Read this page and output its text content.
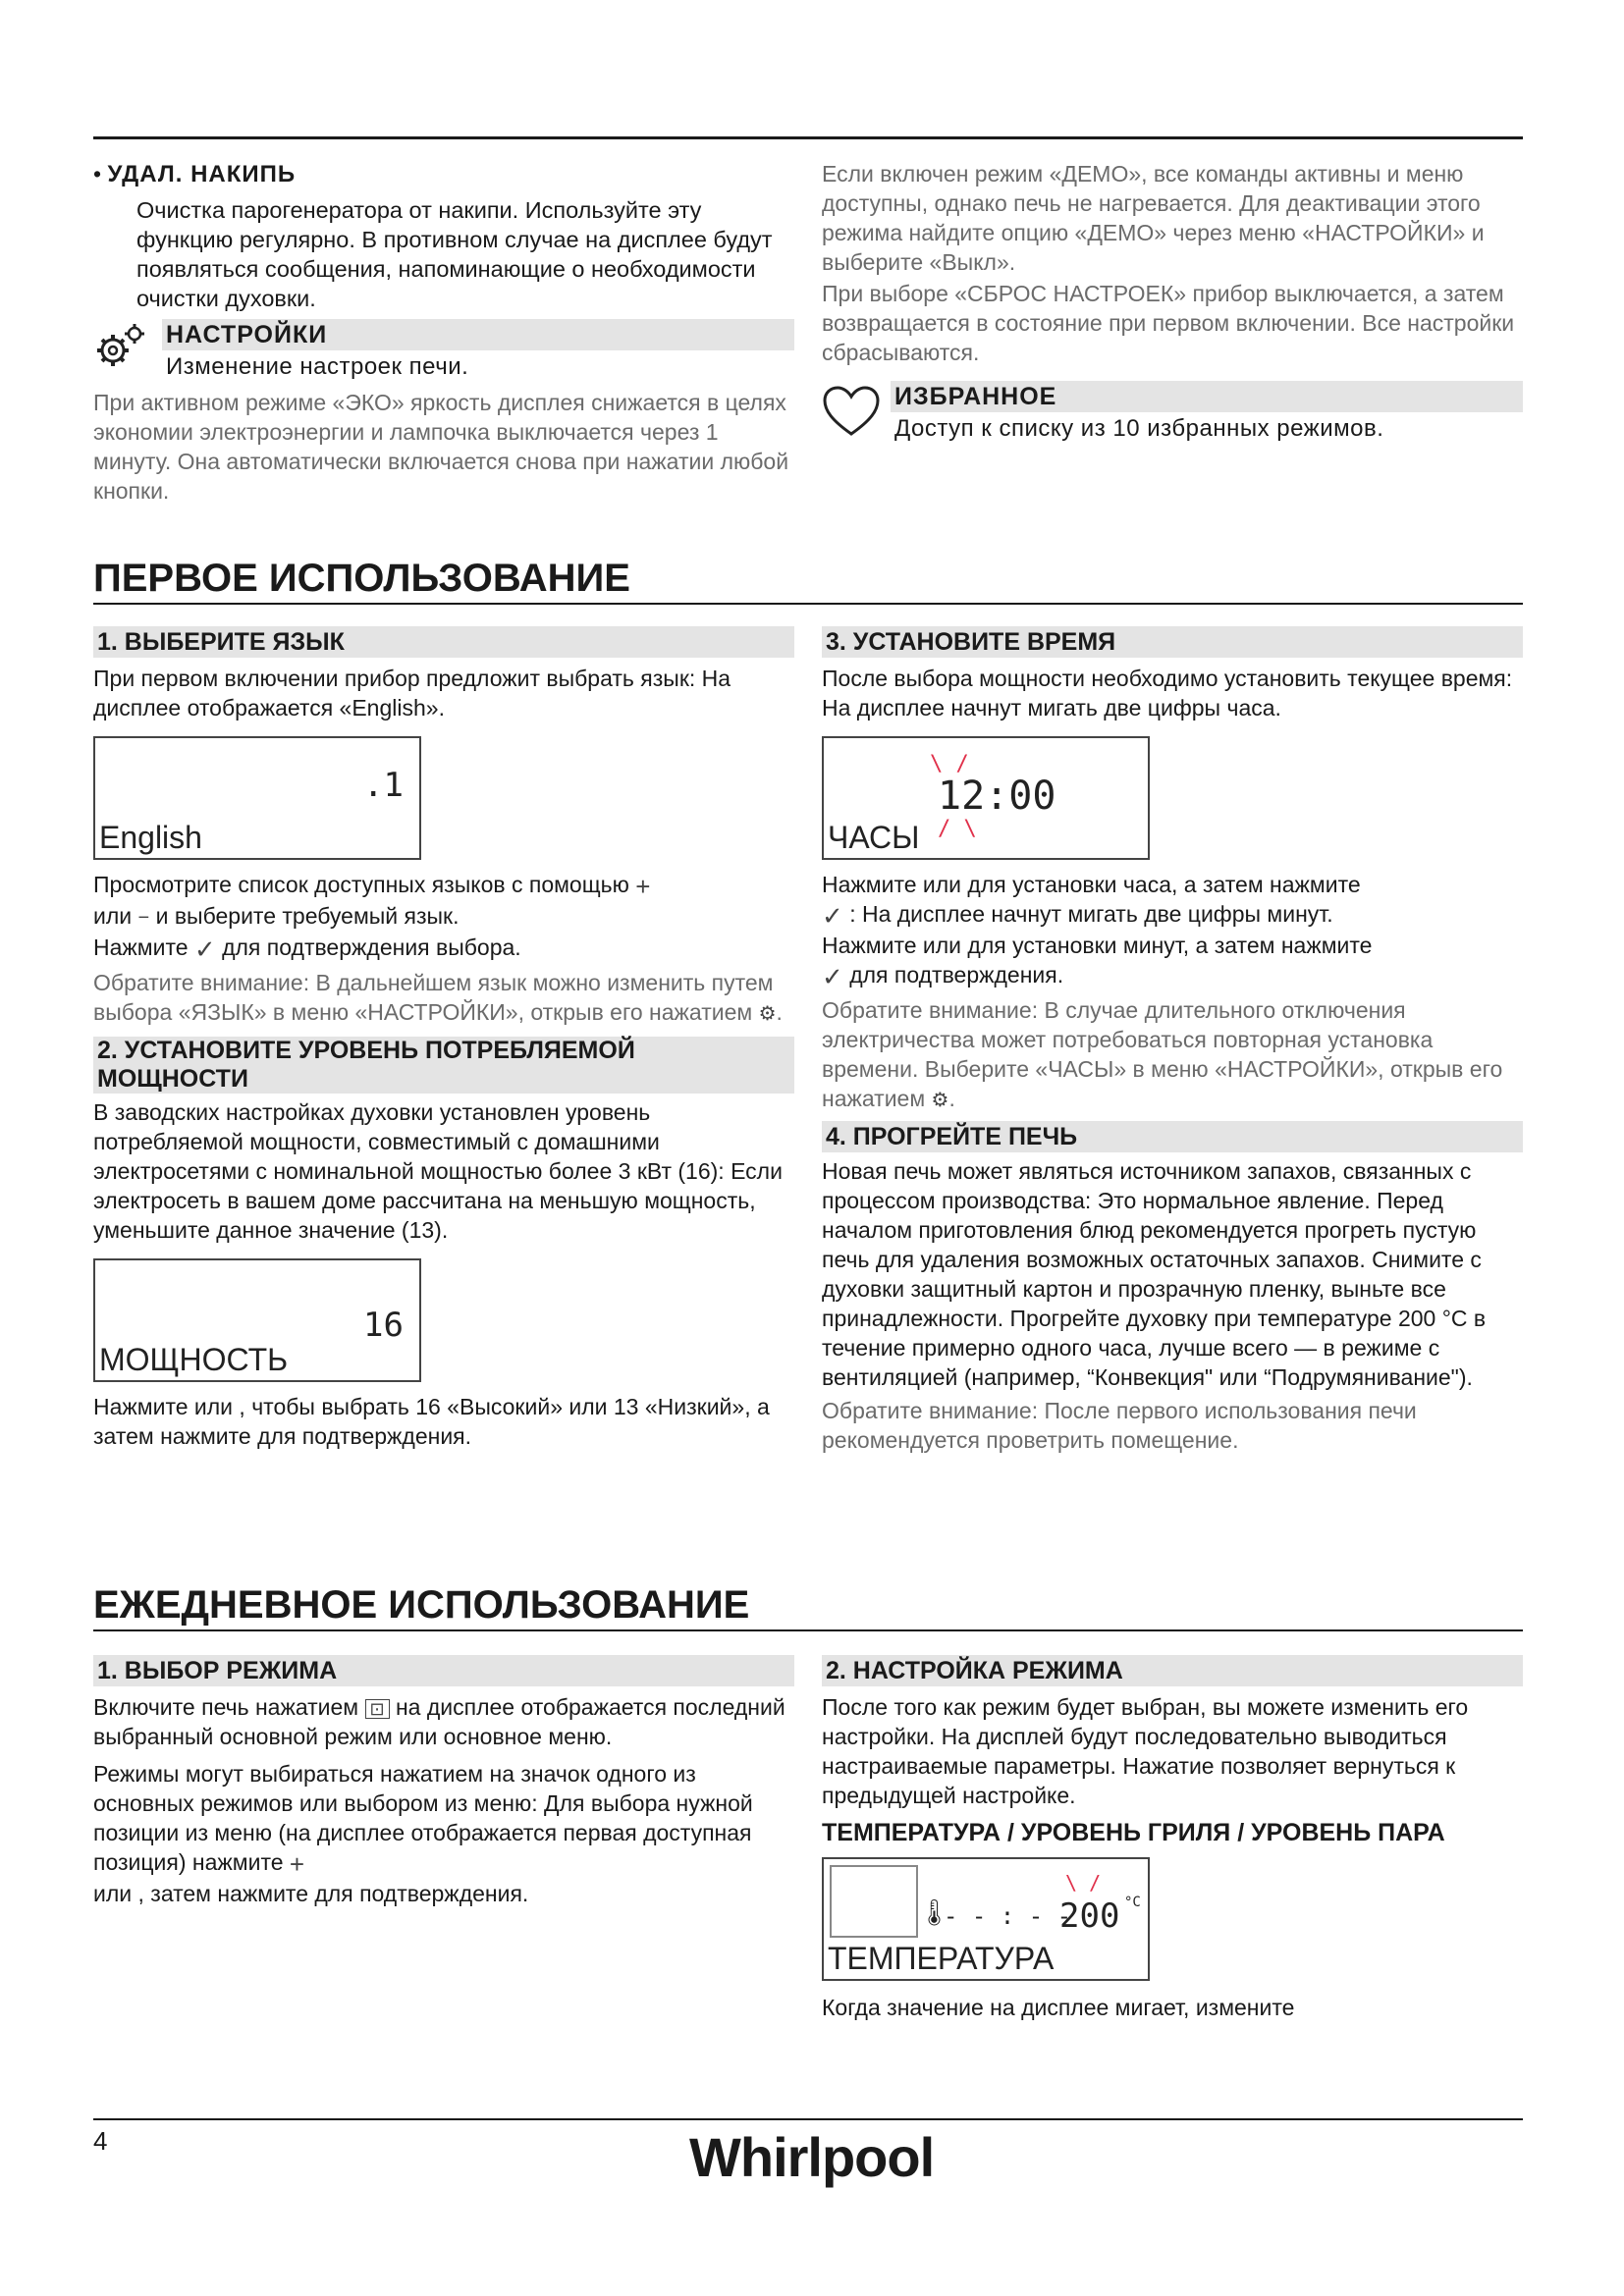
• УДАЛ. НАКИПЬ

Очистка парогенератора от накипи. Используйте эту функцию регулярно. В противном случае на дисплее будут появляться сообщения, напоминающие о необходимости очистки духовки.

НАСТРОЙКИ
Изменение настроек печи.

При активном режиме «ЭКО» яркость дисплея снижается в целях экономии электроэнергии и лампочка выключается через 1 минуту. Она автоматически включается снова при нажатии любой кнопки.

Если включен режим «ДЕМО», все команды активны и меню доступны, однако печь не нагревается. Для деактивации этого режима найдите опцию «ДЕМО» через меню «НАСТРОЙКИ» и выберите «Выкл».

При выборе «СБРОС НАСТРОЕК» прибор выключается, а затем возвращается в состояние при первом включении. Все настройки сбрасываются.

ИЗБРАННОЕ
Доступ к списку из 10 избранных режимов.
ПЕРВОЕ ИСПОЛЬЗОВАНИЕ
1. ВЫБЕРИТЕ ЯЗЫК

При первом включении прибор предложит выбрать язык: На дисплее отображается «English».

.1
English

Просмотрите список доступных языков с помощью +
или − и выберите требуемый язык.

Нажмите ✓ для подтверждения выбора.

Обратите внимание: В дальнейшем язык можно изменить путем выбора «ЯЗЫК» в меню «НАСТРОЙКИ», открыв его нажатием ⚙.

2. УСТАНОВИТЕ УРОВЕНЬ ПОТРЕБЛЯЕМОЙ МОЩНОСТИ

В заводских настройках духовки установлен уровень потребляемой мощности, совместимый с домашними электросетями с номинальной мощностью более 3 кВт (16): Если электросеть в вашем доме рассчитана на меньшую мощность, уменьшите данное значение (13).

16
МОЩНОСТЬ

Нажмите или , чтобы выбрать 16 «Высокий» или 13 «Низкий», а затем нажмите для подтверждения.

3. УСТАНОВИТЕ ВРЕМЯ

После выбора мощности необходимо установить текущее время: На дисплее начнут мигать две цифры часа.

\ /
12:00
/ \
ЧАСЫ

Нажмите или для установки часа, а затем нажмите

✓ : На дисплее начнут мигать две цифры минут.

Нажмите или для установки минут, а затем нажмите

✓ для подтверждения.

Обратите внимание: В случае длительного отключения электричества может потребоваться повторная установка времени. Выберите «ЧАСЫ» в меню «НАСТРОЙКИ», открыв его нажатием ⚙.

4. ПРОГРЕЙТЕ ПЕЧЬ

Новая печь может являться источником запахов, связанных с процессом производства: Это нормальное явление. Перед началом приготовления блюд рекомендуется прогреть пустую печь для удаления возможных остаточных запахов. Снимите с духовки защитный картон и прозрачную пленку, выньте все принадлежности. Прогрейте духовку при температуре 200 °C в течение примерно одного часа, лучше всего — в режиме с вентиляцией (например, “Конвекция" или “Подрумянивание").

Обратите внимание: После первого использования печи рекомендуется проветрить помещение.

ЕЖЕДНЕВНОЕ ИСПОЛЬЗОВАНИЕ
1. ВЫБОР РЕЖИМА

Включите печь нажатием ⊡ на дисплее отображается последний выбранный основной режим или основное меню.

Режимы могут выбираться нажатием на значок одного из основных режимов или выбором из меню: Для выбора нужной позиции из меню (на дисплее отображается первая доступная позиция) нажмите +

или , затем нажмите для подтверждения.

2. НАСТРОЙКА РЕЖИМА

После того как режим будет выбран, вы можете изменить его настройки. На дисплей будут последовательно выводиться настраиваемые параметры. Нажатие позволяет вернуться к предыдущей настройке.

ТЕМПЕРАТУРА / УРОВЕНЬ ГРИЛЯ / УРОВЕНЬ ПАРА
🌡︎
- - : - -
\ /
200 °C
ТЕМПЕРАТУРА

Когда значение на дисплее мигает, измените

4	Whirlpool
